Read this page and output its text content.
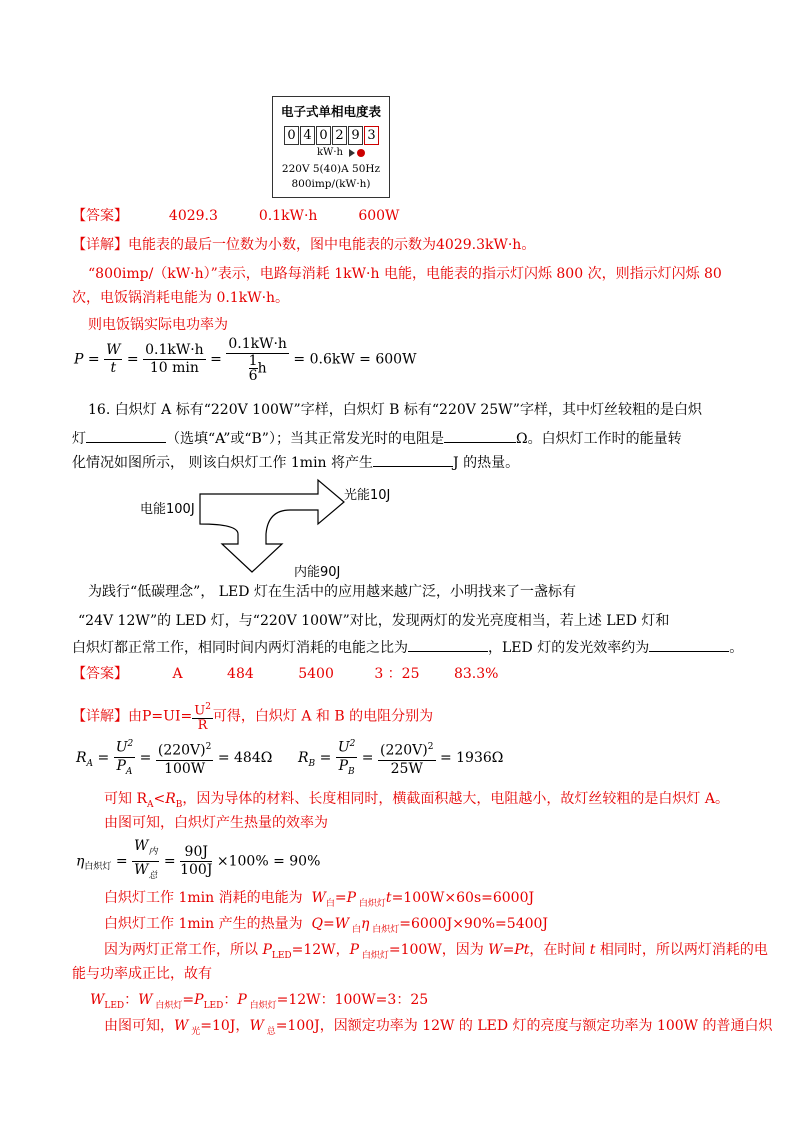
电子式单相电度表
0 4 0 2 9 3
kW·h
220V 5(40)A 50Hz
800imp/(kW·h)
【答案】	4029.3	0.1kW·h	600W
【详解】电能表的最后一位数为小数，图中电能表的示数为4029.3kW·h。
“800imp/（kW·h）”表示，电路每消耗 1kW·h 电能，电能表的指示灯闪烁 800 次，则指示灯闪烁 80
次，电饭锅消耗电能为 0.1kW·h。
则电饭锅实际电功率为
$P = \frac{W}{t} = \frac{0.1kW\cdot h}{10 \min} = \frac{0.1kW\cdot h}{\frac{1}{6} h} = 0.6kW = 600W$
16. 白炽灯 A 标有“220V 100W”字样，白炽灯 B 标有“220V 25W”字样，其中灯丝较粗的是白炽
灯	（选填“A”或“B”）；当其正常发光时的电阻是	Ω。白炽灯工作时的能量转
化情况如图所示， 则该白炽灯工作 1min 将产生	J 的热量。
电能100J
光能10J
内能90J
为践行“低碳理念”， LED 灯在生活中的应用越来越广泛，小明找来了一盏标有
“24V 12W”的 LED 灯，与“220V 100W”对比，发现两灯的发光亮度相当，若上述 LED 灯和
白炽灯都正常工作，相同时间内两灯消耗的电能之比为	，LED 灯的发光效率约为	。
【答案】	A	484	5400	3 ：25 83.3%
【详解】由$P=UI= \frac{U^2}{R}$ 可得，白炽灯 A 和 B 的电阻分别为
$R_A = \frac{U^2}{P_A} = \frac{(220V)^2}{100W} = 484\Omega$ $R_B = \frac{U^2}{P_B} = \frac{(220V)^2}{25W} = 1936\Omega$
可知 $R_A<R_B$，因为导体的材料、长度相同时，横截面积越大，电阻越小，故灯丝较粗的是白炽灯 A。
由图可知，白炽灯产生热量的效率为
$\eta_{白炽灯} = \frac{W_内}{W_总} = \frac{90J}{100J} \times 100\% = 90\%$
白炽灯工作 1min 消耗的电能为 $W_白=P$ $_{白炽灯}$t=100W×60s=6000J
白炽灯工作 1min 产生的热量为 Q=W $_白$η $_{白炽灯}$=6000J×90%=5400J
因为两灯正常工作，所以 $P_{LED}=12W$，P $_{白炽灯}$=100W，因为 W=Pt，在时间 t 相同时，所以两灯消耗的电
能与功率成正比，故有
$W_{LED}$：W $_{白炽灯}=P_{LED}$：P $_{白炽灯}$=12W：100W=3：25
由图可知，W $_光$=10J，W $_总$=100J，因额定功率为 12W 的 LED 灯的亮度与额定功率为 100W 的普通白炽
